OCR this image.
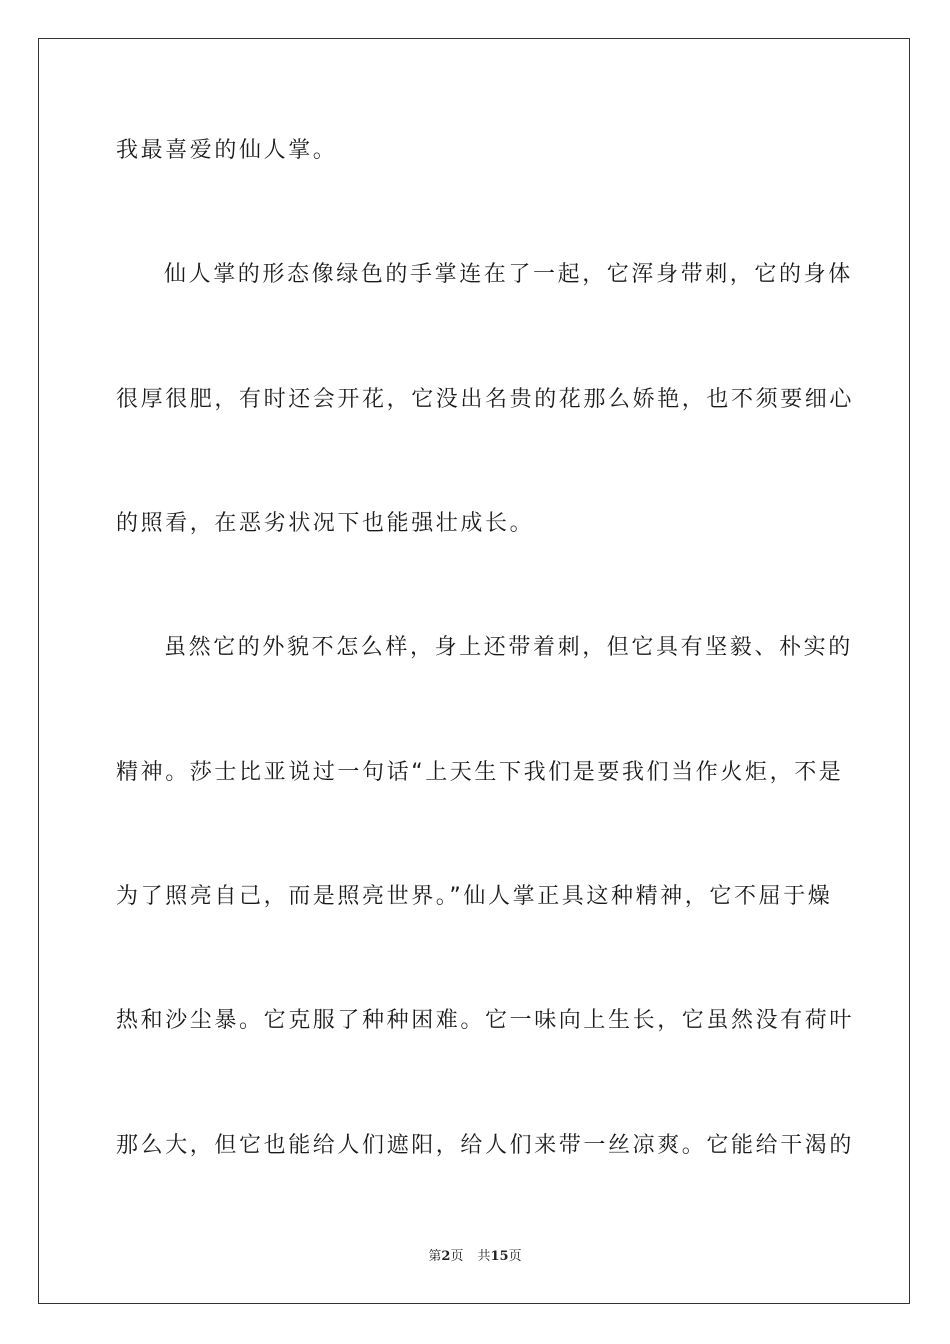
我最喜爱的仙人掌。
仙人掌的形态像绿色的手掌连在了一起，它浑身带刺，它的身体
很厚很肥，有时还会开花，它没出名贵的花那么娇艳，也不须要细心
的照看，在恶劣状况下也能强壮成长。
虽然它的外貌不怎么样，身上还带着刺，但它具有坚毅、朴实的
精神。莎士比亚说过一句话“上天生下我们是要我们当作火炬，不是
为了照亮自己，而是照亮世界。”仙人掌正具这种精神，它不屈于燥
热和沙尘暴。它克服了种种困难。它一味向上生长，它虽然没有荷叶
那么大，但它也能给人们遮阳，给人们来带一丝凉爽。它能给干渴的
第2页 共15页
